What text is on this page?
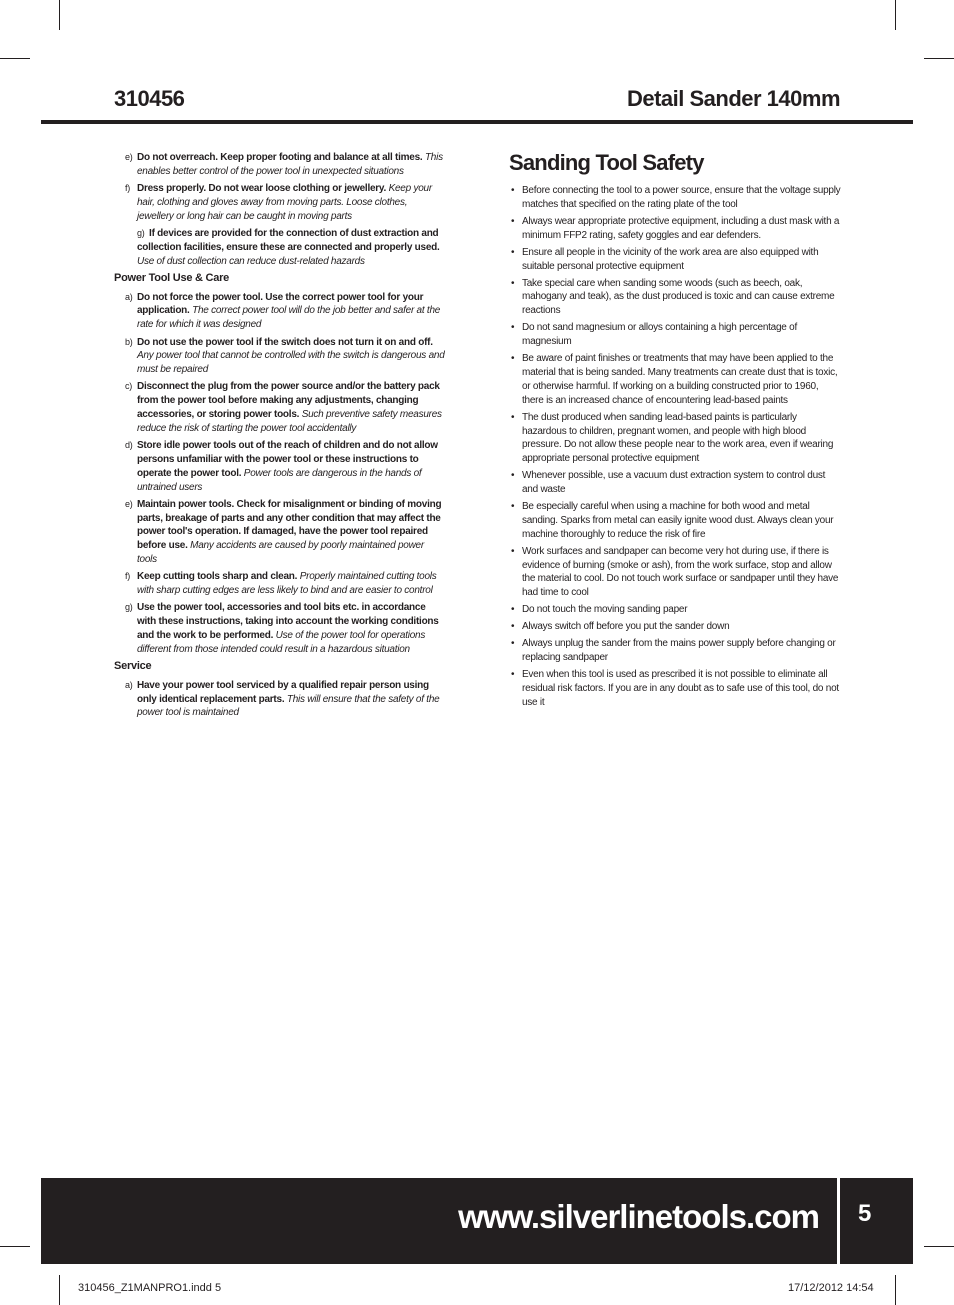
310456	Detail Sander 140mm
e) Do not overreach. Keep proper footing and balance at all times. This enables better control of the power tool in unexpected situations
f) Dress properly. Do not wear loose clothing or jewellery. Keep your hair, clothing and gloves away from moving parts. Loose clothes, jewellery or long hair can be caught in moving parts
g) If devices are provided for the connection of dust extraction and collection facilities, ensure these are connected and properly used. Use of dust collection can reduce dust-related hazards
Power Tool Use & Care
a) Do not force the power tool. Use the correct power tool for your application. The correct power tool will do the job better and safer at the rate for which it was designed
b) Do not use the power tool if the switch does not turn it on and off. Any power tool that cannot be controlled with the switch is dangerous and must be repaired
c) Disconnect the plug from the power source and/or the battery pack from the power tool before making any adjustments, changing accessories, or storing power tools. Such preventive safety measures reduce the risk of starting the power tool accidentally
d) Store idle power tools out of the reach of children and do not allow persons unfamiliar with the power tool or these instructions to operate the power tool. Power tools are dangerous in the hands of untrained users
e) Maintain power tools. Check for misalignment or binding of moving parts, breakage of parts and any other condition that may affect the power tool's operation. If damaged, have the power tool repaired before use. Many accidents are caused by poorly maintained power tools
f) Keep cutting tools sharp and clean. Properly maintained cutting tools with sharp cutting edges are less likely to bind and are easier to control
g) Use the power tool, accessories and tool bits etc. in accordance with these instructions, taking into account the working conditions and the work to be performed. Use of the power tool for operations different from those intended could result in a hazardous situation
Service
a) Have your power tool serviced by a qualified repair person using only identical replacement parts. This will ensure that the safety of the power tool is maintained
Sanding Tool Safety
• Before connecting the tool to a power source, ensure that the voltage supply matches that specified on the rating plate of the tool
• Always wear appropriate protective equipment, including a dust mask with a minimum FFP2 rating, safety goggles and ear defenders.
• Ensure all people in the vicinity of the work area are also equipped with suitable personal protective equipment
• Take special care when sanding some woods (such as beech, oak, mahogany and teak), as the dust produced is toxic and can cause extreme reactions
• Do not sand magnesium or alloys containing a high percentage of magnesium
• Be aware of paint finishes or treatments that may have been applied to the material that is being sanded. Many treatments can create dust that is toxic, or otherwise harmful. If working on a building constructed prior to 1960, there is an increased chance of encountering lead-based paints
• The dust produced when sanding lead-based paints is particularly hazardous to children, pregnant women, and people with high blood pressure. Do not allow these people near to the work area, even if wearing appropriate personal protective equipment
• Whenever possible, use a vacuum dust extraction system to control dust and waste
• Be especially careful when using a machine for both wood and metal sanding. Sparks from metal can easily ignite wood dust. Always clean your machine thoroughly to reduce the risk of fire
• Work surfaces and sandpaper can become very hot during use, if there is evidence of burning (smoke or ash), from the work surface, stop and allow the material to cool. Do not touch work surface or sandpaper until they have had time to cool
• Do not touch the moving sanding paper
• Always switch off before you put the sander down
• Always unplug the sander from the mains power supply before changing or replacing sandpaper
• Even when this tool is used as prescribed it is not possible to eliminate all residual risk factors. If you are in any doubt as to safe use of this tool, do not use it
www.silverlinetools.com 5
310456_Z1MANPRO1.indd 5	17/12/2012 14:54
